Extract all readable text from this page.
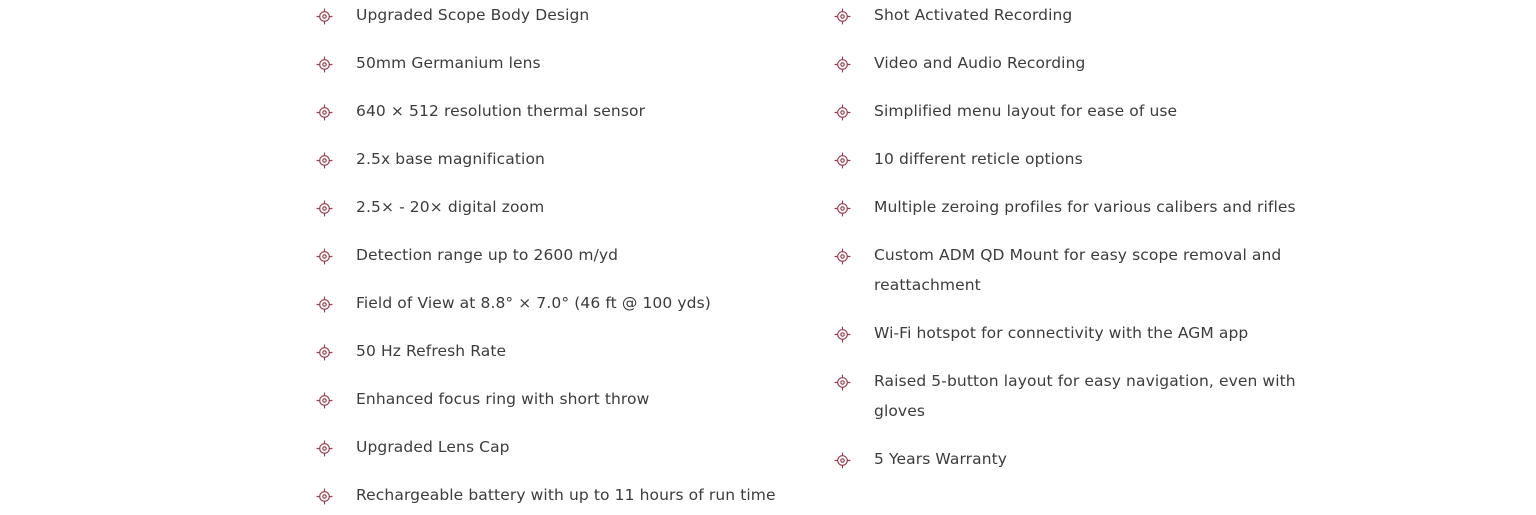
Upgraded Scope Body Design
50mm Germanium lens
640 × 512 resolution thermal sensor
2.5x base magnification
2.5× - 20× digital zoom
Detection range up to 2600 m/yd
Field of View at 8.8° × 7.0° (46 ft @ 100 yds)
50 Hz Refresh Rate
Enhanced focus ring with short throw
Upgraded Lens Cap
Rechargeable battery with up to 11 hours of run time
Shot Activated Recording
Video and Audio Recording
Simplified menu layout for ease of use
10 different reticle options
Multiple zeroing profiles for various calibers and rifles
Custom ADM QD Mount for easy scope removal and reattachment
Wi-Fi hotspot for connectivity with the AGM app
Raised 5-button layout for easy navigation, even with gloves
5 Years Warranty
